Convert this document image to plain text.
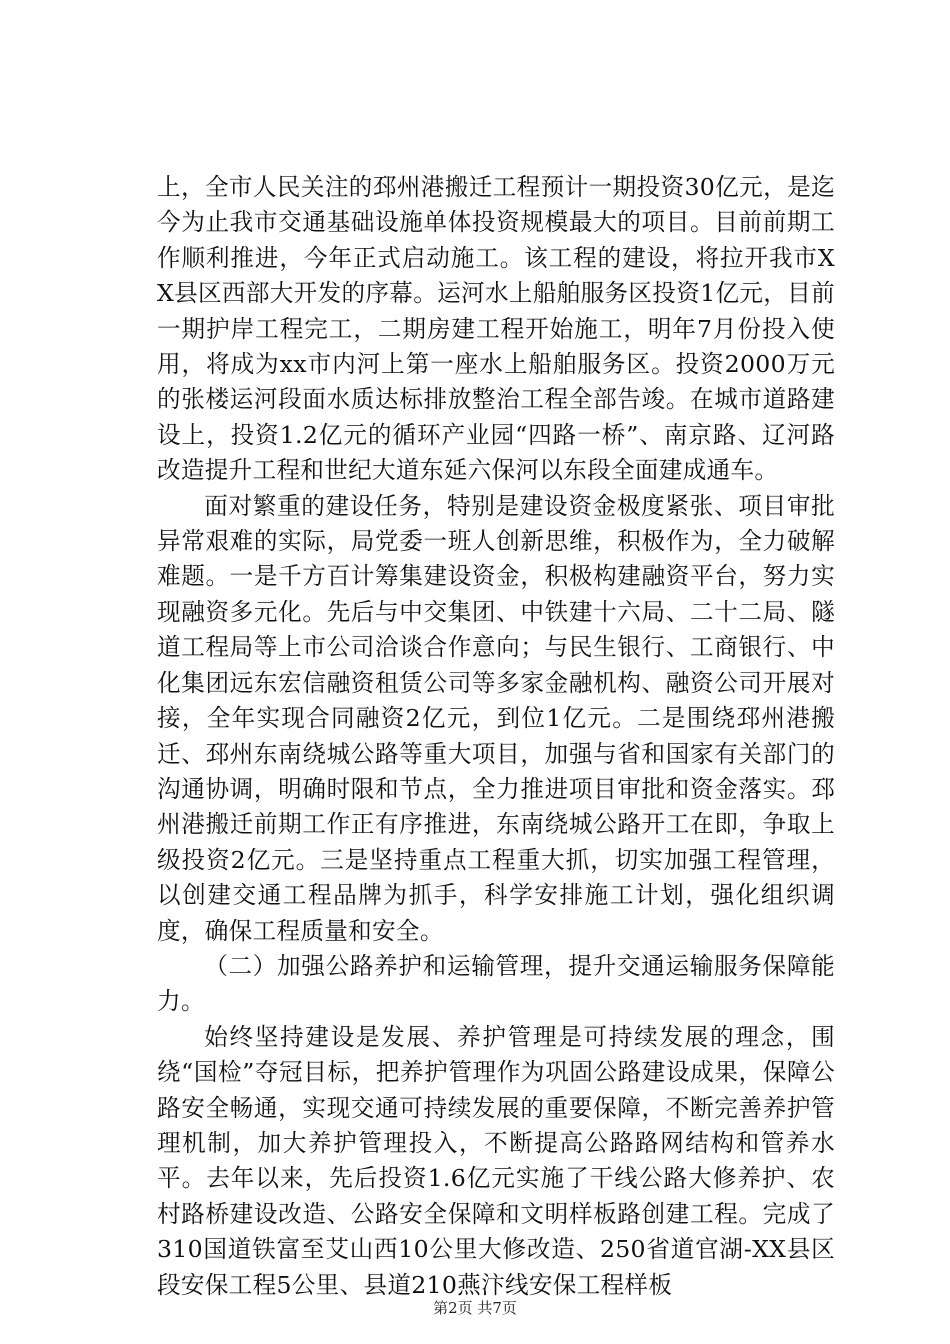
上，全市人民关注的邳州港搬迁工程预计一期投资30亿元，是迄今为止我市交通基础设施单体投资规模最大的项目。目前前期工作顺利推进，今年正式启动施工。该工程的建设，将拉开我市XX县区西部大开发的序幕。运河水上船舶服务区投资1亿元，目前一期护岸工程完工，二期房建工程开始施工，明年7月份投入使用，将成为xx市内河上第一座水上船舶服务区。投资2000万元的张楼运河段面水质达标排放整治工程全部告竣。在城市道路建设上，投资1.2亿元的循环产业园“四路一桥”、南京路、辽河路改造提升工程和世纪大道东延六保河以东段全面建成通车。

面对繁重的建设任务，特别是建设资金极度紧张、项目审批异常艰难的实际，局党委一班人创新思维，积极作为，全力破解难题。一是千方百计筹集建设资金，积极构建融资平台，努力实现融资多元化。先后与中交集团、中铁建十六局、二十二局、隧道工程局等上市公司洽谈合作意向；与民生银行、工商银行、中化集团远东宏信融资租赁公司等多家金融机构、融资公司开展对接，全年实现合同融资2亿元，到位1亿元。二是围绕邳州港搬迁、邳州东南绕城公路等重大项目，加强与省和国家有关部门的沟通协调，明确时限和节点，全力推进项目审批和资金落实。邳州港搬迁前期工作正有序推进，东南绕城公路开工在即，争取上级投资2亿元。三是坚持重点工程重大抓，切实加强工程管理，以创建交通工程品牌为抓手，科学安排施工计划，强化组织调度，确保工程质量和安全。

（二）加强公路养护和运输管理，提升交通运输服务保障能力。

始终坚持建设是发展、养护管理是可持续发展的理念，围绕“国检”夺冠目标，把养护管理作为巩固公路建设成果，保障公路安全畅通，实现交通可持续发展的重要保障，不断完善养护管理机制，加大养护管理投入，不断提高公路路网结构和管养水平。去年以来，先后投资1.6亿元实施了干线公路大修养护、农村路桥建设改造、公路安全保障和文明样板路创建工程。完成了310国道铁富至艾山西10公里大修改造、250省道官湖-XX县区段安保工程5公里、县道210燕汴线安保工程样板

第2页 共7页
